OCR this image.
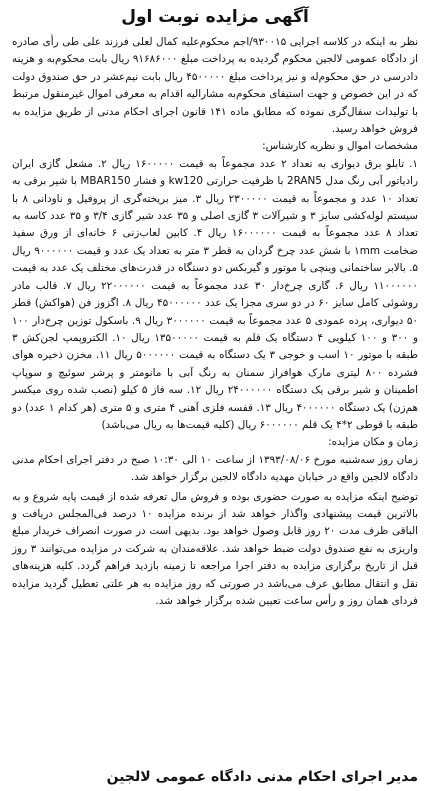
آگهی مزایده نوبت اول

نظر به اینکه در کلاسه اجرایی ۹۳۰۰۱۵/اجم محکوم‌علیه کمال لعلی فرزند علی طی رأی صادره از دادگاه عمومی لالجین محکوم گردیده به پرداخت مبلغ ۹۱۶۸۶۰۰۰ ریال بابت محکوم‌به و هزینه دادرسی در حق محکوم‌له و نیز پرداخت مبلغ ۴۵۰۰۰۰۰ ریال بابت نیم‌عشر در حق صندوق دولت که در این خصوص و جهت استیفای محکوم‌به مشارالیه اقدام به معرفی اموال غیرمنقول مرتبط با تولیدات سفال‌گری نموده که مطابق ماده ۱۴۱ قانون اجرای احکام مدنی از طریق مزایده به فروش خواهد رسید.

مشخصات اموال و نظریه کارشناس:

۱. تابلو برق دیواری به تعداد ۲ عدد مجموعاً به قیمت ۱۶۰۰۰۰۰ ریال ۲. مشعل گازی ایران رادیاتور آبی رنگ مدل 2RAN5 با ظرفیت حرارتی kw120 و فشار MBAR150 با شیر برقی به تعداد ۱۰ عدد و مجموعاً به قیمت ۲۳۰۰۰۰۰ ریال ۳. میز بریخته‌گری از پروفیل و ناودانی ۸ با سیستم لوله‌کشی سایز ۳ و شیرآلات ۳ گازی اصلی و ۳۵ عدد شیر گازی ۳/۴ و ۳۵ عدد کاسه به تعداد ۸ عدد مجموعاً به قیمت ۱۶۰۰۰۰۰۰ ریال ۴. کابین لعاب‌زنی ۶ خانه‌ای از ورق سفید ضخامت ۱mm با شش عدد چرخ گردان به قطر ۳ متر به تعداد یک عدد و قیمت ۹۰۰۰۰۰۰ ریال ۵. بالابر ساختمانی وینچی با موتور و گیربکس دو دستگاه در قدرت‌های مختلف یک عدد به قیمت ۱۱۰۰۰۰۰۰ ریال ۶. گاری چرخ‌دار ۳۰ عدد مجموعاً به قیمت ۲۲۰۰۰۰۰۰ ریال ۷. قالب مادر روشوئی کامل سایز ۶۰ در دو سری مجزا یک عدد ۴۵۰۰۰۰۰۰ ریال ۸. اگزوز فن (هواکش) قطر ۵۰ دیواری، پرده عمودی ۵ عدد مجموعاً به قیمت ۳۰۰۰۰۰۰ ریال ۹. باسکول توزین چرخ‌دار ۱۰۰ و ۳۰۰ و ۱۰۰ کیلویی ۴ دستگاه یک قلم به قیمت ۱۳۵۰۰۰۰۰ ریال ۱۰. الکتروپمپ لجن‌کش ۳ طبقه با موتور ۱۰ اسب و خوجی ۳ یک دستگاه به قیمت ۵۰۰۰۰۰۰ ریال ۱۱. مخزن ذخیره هوای فشرده ۸۰۰ لیتری مارک هوافراز سمنان به رنگ آبی با مانومتر و پرشر سوئیچ و سوپاپ اطمینان و شیر برقی یک دستگاه ۲۴۰۰۰۰۰۰ ریال ۱۲. سه فاز ۵ کیلو (نصب شده روی میکسر هم‌زن) یک دستگاه ۴۰۰۰۰۰۰ ریال ۱۳. قفسه فلزی آهنی ۴ متری و ۵ متری (هر کدام ۱ عدد) دو طبقه با قوطی ۲*۴ یک قلم ۶۰۰۰۰۰۰ ریال (کلیه قیمت‌ها به ریال می‌باشد)

زمان و مکان مزایده:

زمان روز سه‌شنبه مورخ ۱۳۹۳/۰۸/۰۶ از ساعت ۱۰ الی ۱۰:۳۰ صبح در دفتر اجرای احکام مدنی دادگاه لالجین واقع در خیابان مهدیه دادگاه لالجین برگزار خواهد شد.

توضیح اینکه مزایده به صورت حضوری بوده و فروش مال تعرفه شده از قیمت پایه شروع و به بالاترین قیمت پیشنهادی واگذار خواهد شد از برنده مزایده ۱۰ درصد فی‌المجلس دریافت و الباقی ظرف مدت ۲۰ روز قابل وصول خواهد بود. بدیهی است در صورت انصراف خریدار مبلغ واریزی به نفع صندوق دولت ضبط خواهد شد. علاقه‌مندان به شرکت در مزایده می‌توانند ۳ روز قبل از تاریخ برگزاری مزایده به دفتر اجرا مراجعه تا زمینه بازدید فراهم گردد. کلیه هزینه‌های نقل و انتقال مطابق عرف می‌باشد در صورتی که روز مزایده به هر علتی تعطیل گردید مزایده فردای همان روز و رأس ساعت تعیین شده برگزار خواهد شد.

مدیر اجرای احکام مدنی دادگاه عمومی لالجین
